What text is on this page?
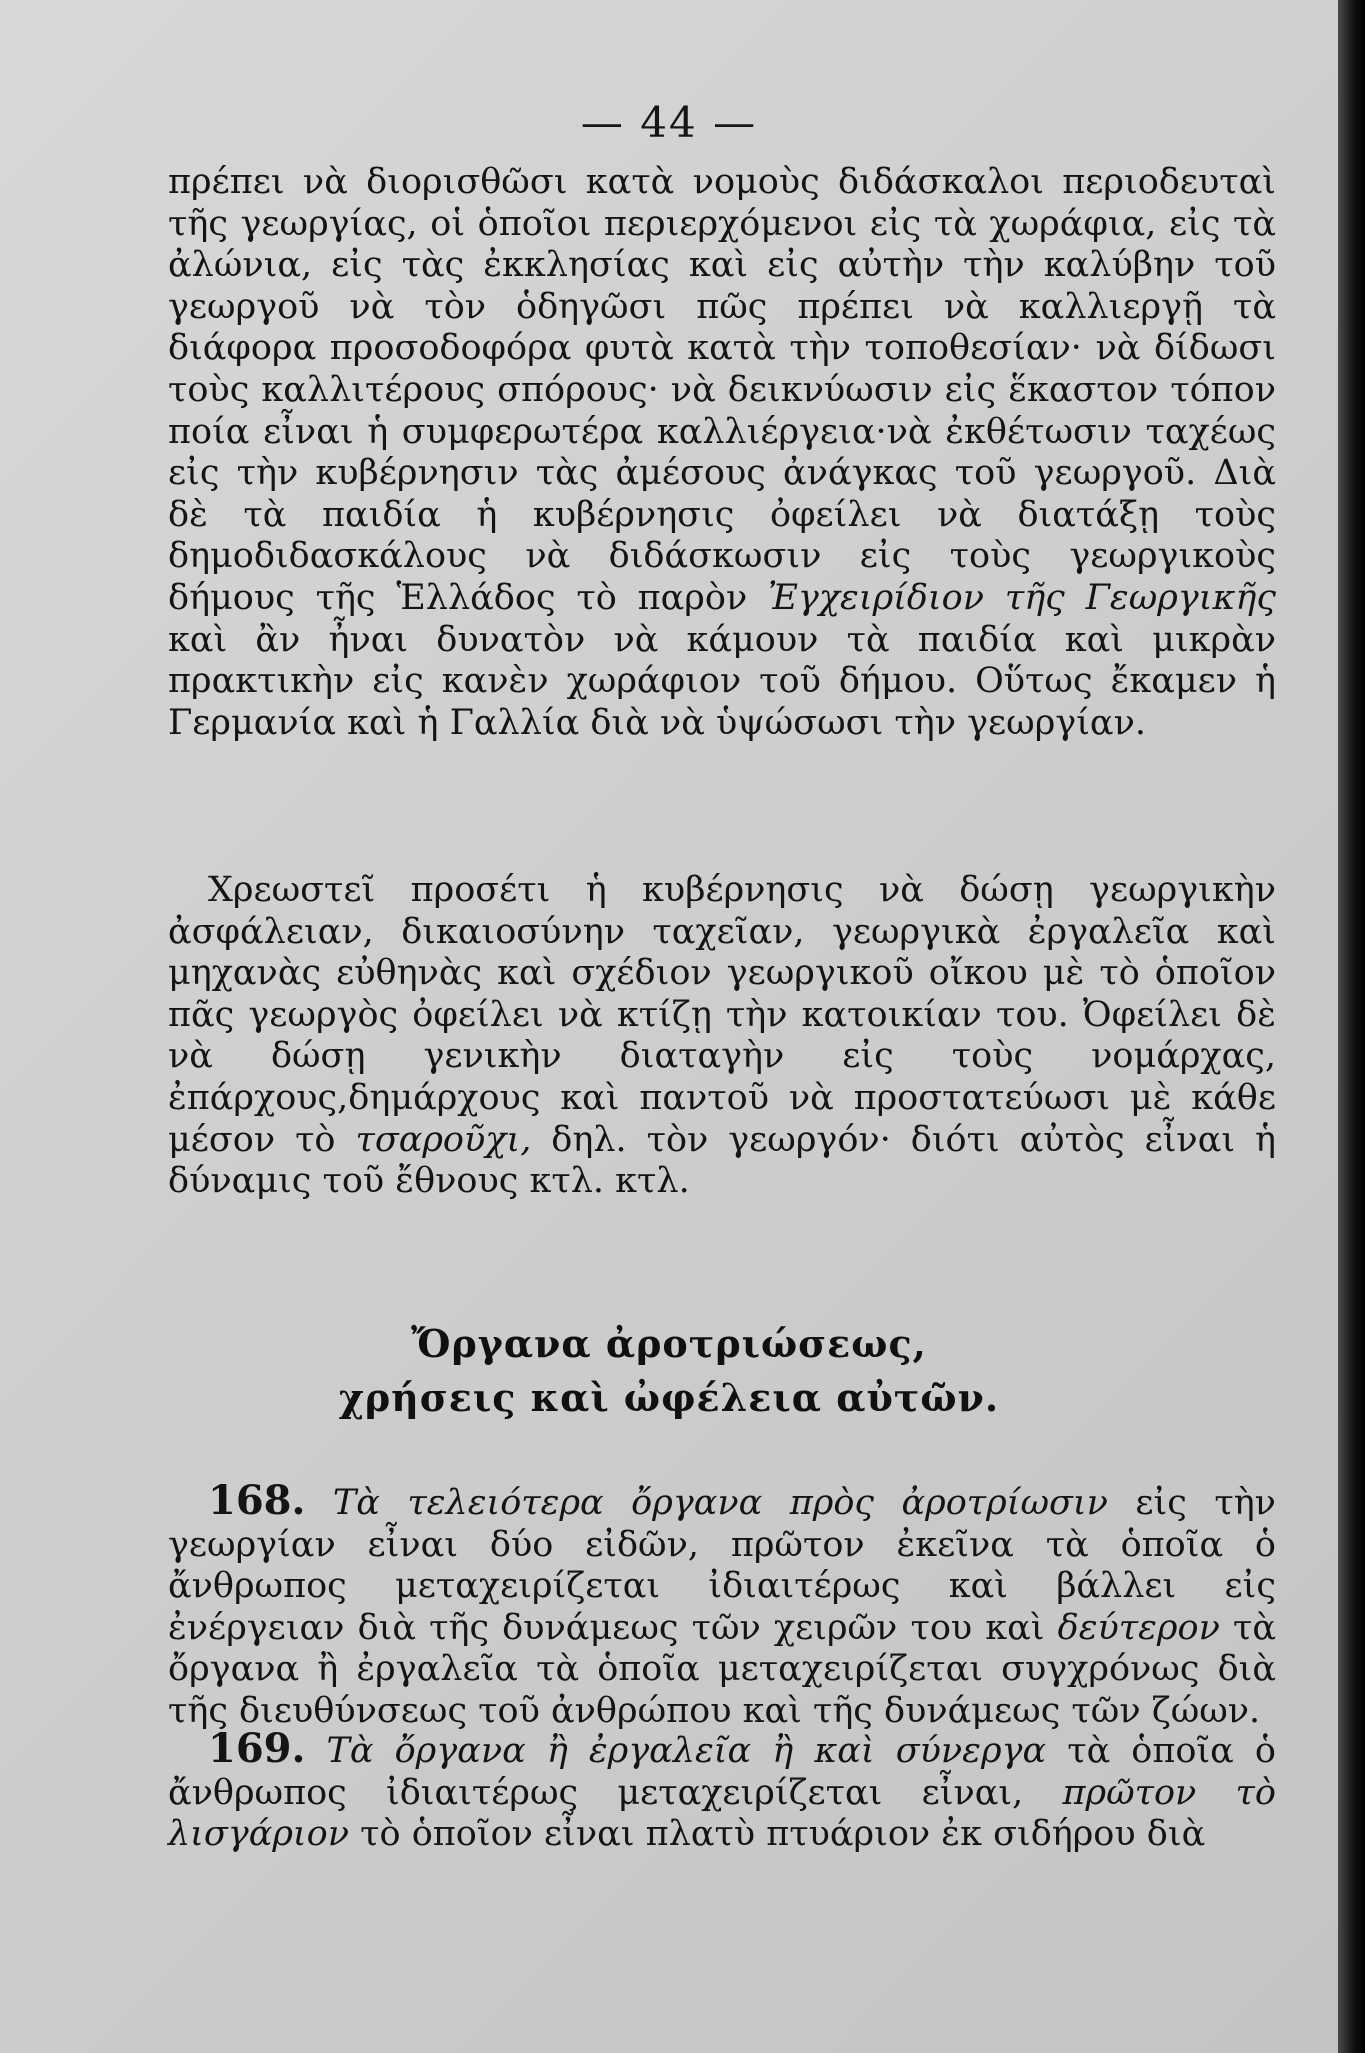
— 44 —

πρέπει νὰ διορισθῶσι κατὰ νομοὺς διδάσκαλοι περιοδευταὶ τῆς γεωργίας, οἱ ὁποῖοι περιερχόμενοι εἰς τὰ χωράφια, εἰς τὰ ἀλώνια, εἰς τὰς ἐκκλησίας καὶ εἰς αὐτὴν τὴν καλύβην τοῦ γεωργοῦ νὰ τὸν ὁδηγῶσι πῶς πρέπει νὰ καλλιεργῇ τὰ διάφορα προσοδοφόρα φυτὰ κατὰ τὴν τοποθεσίαν· νὰ δίδωσι τοὺς καλλιτέρους σπόρους· νὰ δεικνύωσιν εἰς ἕκαστον τόπον ποία εἶναι ἡ συμφερωτέρα καλλιέργεια·νὰ ἐκθέτωσιν ταχέως εἰς τὴν κυβέρνησιν τὰς ἀμέσους ἀνάγκας τοῦ γεωργοῦ. Διὰ δὲ τὰ παιδία ἡ κυβέρνησις ὀφείλει νὰ διατάξῃ τοὺς δημοδιδασκάλους νὰ διδάσκωσιν εἰς τοὺς γεωργικοὺς δήμους τῆς Ἑλλάδος τὸ παρὸν Ἐγχειρίδιον τῆς Γεωργικῆς καὶ ἂν ἦναι δυνατὸν νὰ κάμουν τὰ παιδία καὶ μικρὰν πρακτικὴν εἰς κανὲν χωράφιον τοῦ δήμου. Οὕτως ἔκαμεν ἡ Γερμανία καὶ ἡ Γαλλία διὰ νὰ ὑψώσωσι τὴν γεωργίαν.

Χρεωστεῖ προσέτι ἡ κυβέρνησις νὰ δώσῃ γεωργικὴν ἀσφάλειαν, δικαιοσύνην ταχεῖαν, γεωργικὰ ἐργαλεῖα καὶ μηχανὰς εὐθηνὰς καὶ σχέδιον γεωργικοῦ οἴκου μὲ τὸ ὁποῖον πᾶς γεωργὸς ὀφείλει νὰ κτίζῃ τὴν κατοικίαν του. Ὀφείλει δὲ νὰ δώσῃ γενικὴν διαταγὴν εἰς τοὺς νομάρχας, ἐπάρχους,δημάρχους καὶ παντοῦ νὰ προστατεύωσι μὲ κάθε μέσον τὸ τσαροῦχι, δηλ. τὸν γεωργόν· διότι αὐτὸς εἶναι ἡ δύναμις τοῦ ἔθνους κτλ. κτλ.

Ὄργανα ἀροτριώσεως,
χρήσεις καὶ ὠφέλεια αὐτῶν.

168. Τὰ τελειότερα ὄργανα πρὸς ἀροτρίωσιν εἰς τὴν γεωργίαν εἶναι δύο εἰδῶν, πρῶτον ἐκεῖνα τὰ ὁποῖα ὁ ἄνθρωπος μεταχειρίζεται ἰδιαιτέρως καὶ βάλλει εἰς ἐνέργειαν διὰ τῆς δυνάμεως τῶν χειρῶν του καὶ δεύτερον τὰ ὄργανα ἢ ἐργαλεῖα τὰ ὁποῖα μεταχειρίζεται συγχρόνως διὰ τῆς διευθύνσεως τοῦ ἀνθρώπου καὶ τῆς δυνάμεως τῶν ζώων.

169. Τὰ ὄργανα ἢ ἐργαλεῖα ἢ καὶ σύνεργα τὰ ὁποῖα ὁ ἄνθρωπος ἰδιαιτέρως μεταχειρίζεται εἶναι, πρῶτον τὸ λισγάριον τὸ ὁποῖον εἶναι πλατὺ πτυάριον ἐκ σιδήρου διὰ
